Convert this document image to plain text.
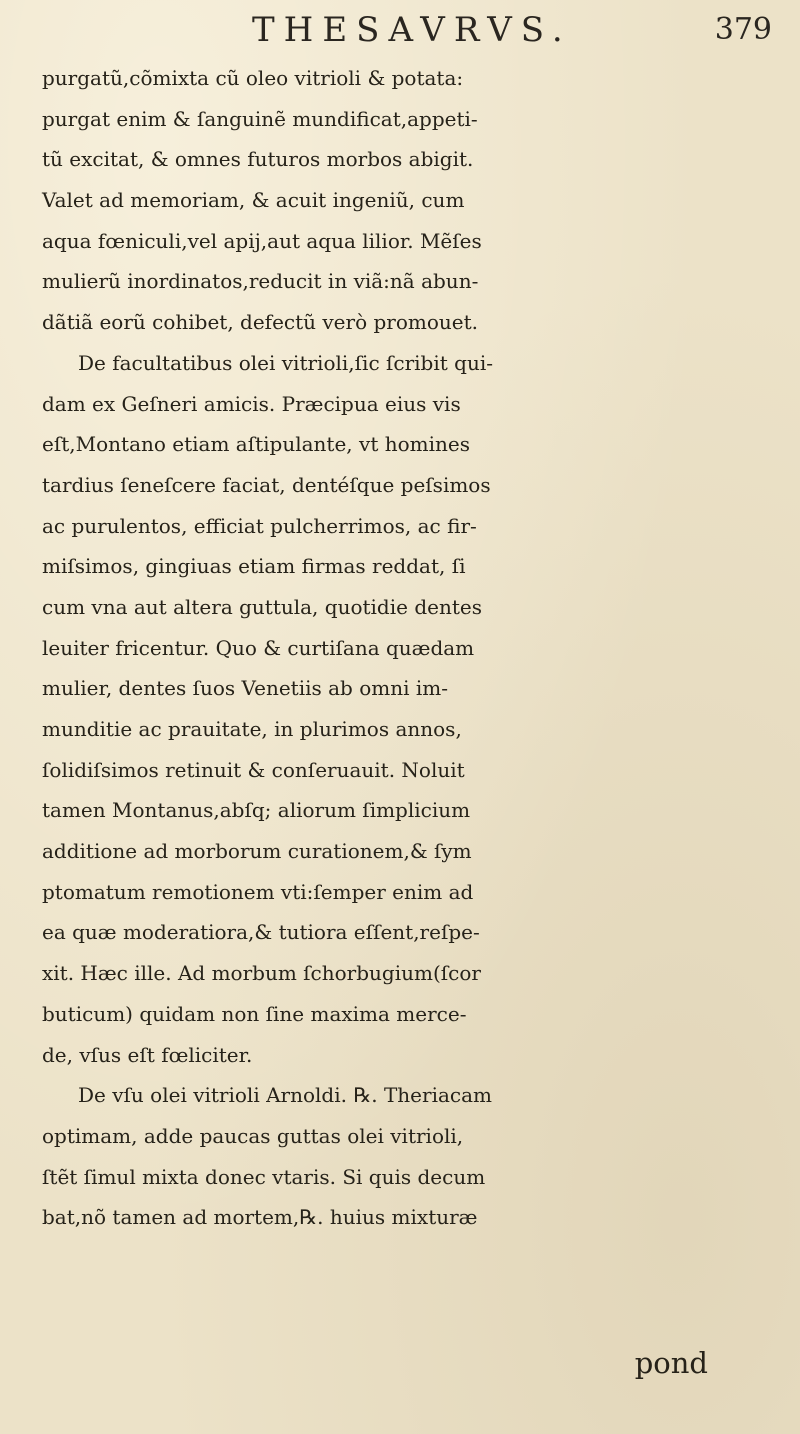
THESAVRVS.	379
purgatũ,cõmixta cũ oleo vitrioli & potata:
purgat enim & ſanguinẽ mundificat,appeti-
tũ excitat, & omnes futuros morbos abigit.
Valet ad memoriam, & acuit ingeniũ, cum
aqua fœniculi,vel apij,aut aqua lilior. Mẽſes
mulierũ inordinatos,reducit in viã:nã abun-
dãtiã eorũ cohibet, defectũ verò promouet.
De facultatibus olei vitrioli,ſic ſcribit qui-
dam ex Geſneri amicis. Præcipua eius vis
eſt,Montano etiam aſtipulante, vt homines
tardius ſeneſcere faciat, dentéſque peſsimos
ac purulentos, efficiat pulcherrimos, ac fir-
miſsimos, gingiuas etiam firmas reddat, ſi
cum vna aut altera guttula, quotidie dentes
leuiter fricentur. Quo & curtiſana quædam
mulier, dentes ſuos Venetiis ab omni im-
munditie ac prauitate, in plurimos annos,
ſolidiſsimos retinuit & conſeruauit. Noluit
tamen Montanus,abſq; aliorum ſimplicium
additione ad morborum curationem,& ſym
ptomatum remotionem vti:ſemper enim ad
ea quæ moderatiora,& tutiora eſſent,reſpe-
xit. Hæc ille. Ad morbum ſchorbugium(ſcor
buticum) quidam non ſine maxima merce-
de, vſus eſt fœliciter.
De vſu olei vitrioli Arnoldi. ℞. Theriacam
optimam, adde paucas guttas olei vitrioli,
ſtẽt ſimul mixta donec vtaris. Si quis decum
bat,nõ tamen ad mortem,℞. huius mixturæ
pond
